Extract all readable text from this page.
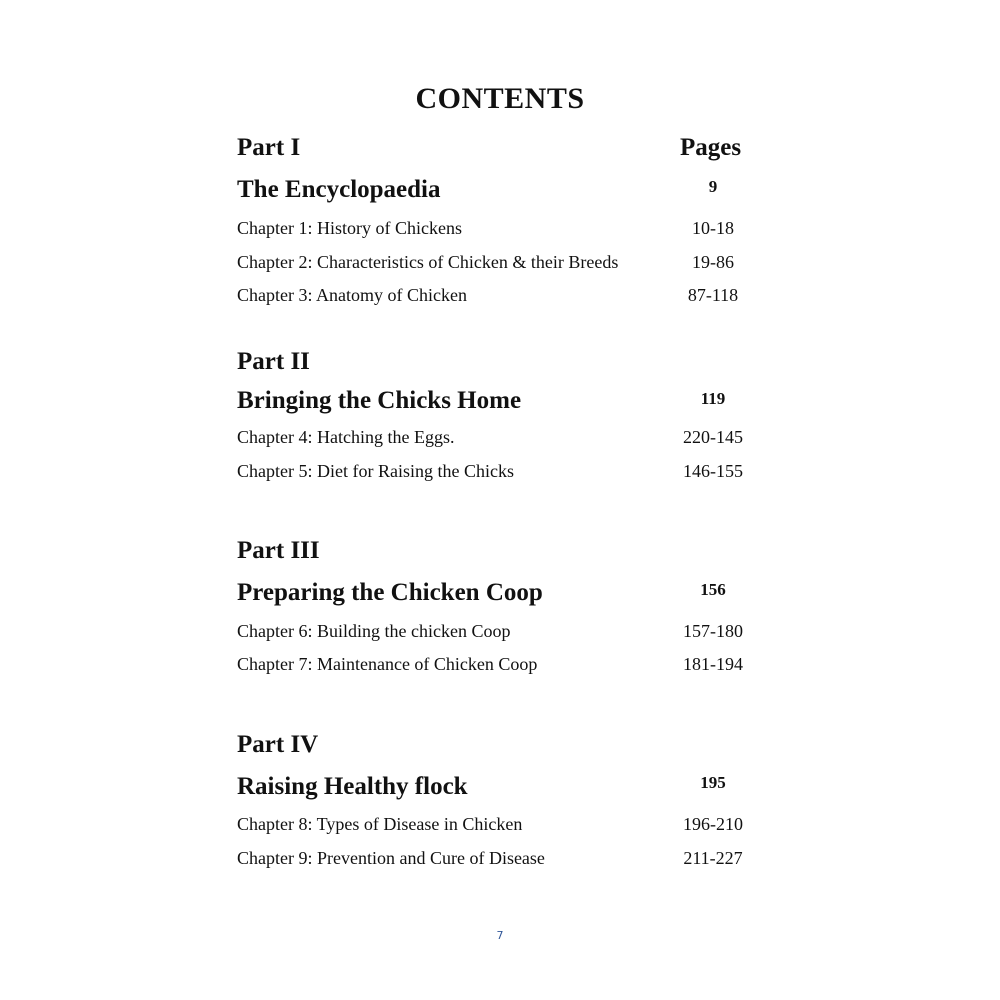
CONTENTS
Part I	Pages
The Encyclopaedia	9
Chapter 1: History of Chickens	10-18
Chapter 2: Characteristics of Chicken & their Breeds	19-86
Chapter 3: Anatomy of Chicken	87-118
Part II
Bringing the Chicks Home	119
Chapter 4: Hatching the Eggs.	220-145
Chapter 5: Diet for Raising the Chicks	146-155
Part III
Preparing the Chicken Coop	156
Chapter 6: Building the chicken Coop	157-180
Chapter 7: Maintenance of Chicken Coop	181-194
Part IV
Raising Healthy flock	195
Chapter 8: Types of Disease in Chicken	196-210
Chapter 9: Prevention and Cure of Disease	211-227
7
